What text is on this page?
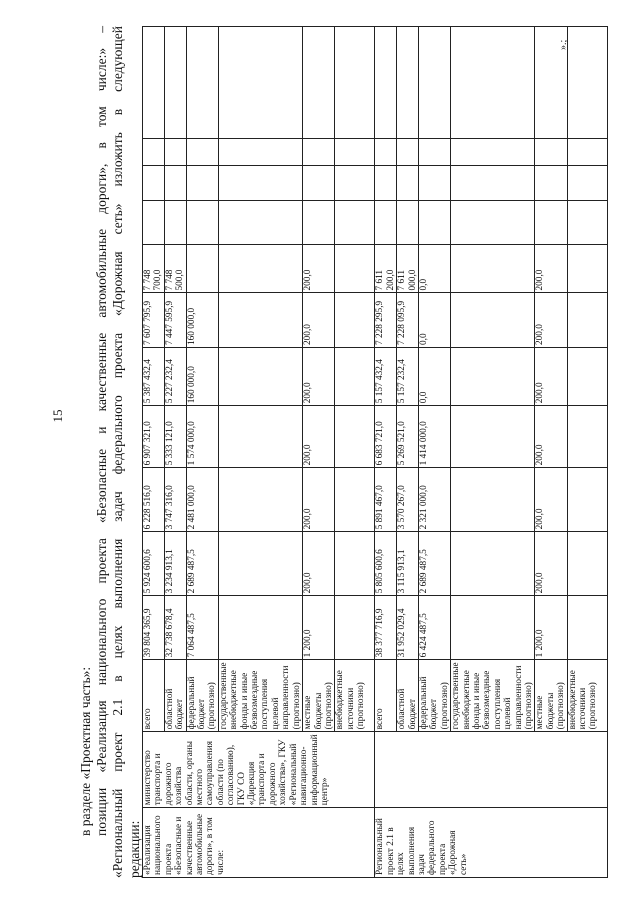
15

в разделе «Проектная часть»: позиции «Реализация национального проекта «Безопасные и качественные автомобильные дороги», в том числе:» – «Региональный проект 2.1 в целях выполнения задач федерального проекта «Дорожная сеть» изложить в следующей редакции: «Реализация национального проекта «Безопасные и качественные автомобильные дороги», в том числе:	министерство транспорта и дорожного хозяйства области, органы местного самоуправления области (по согласованию), ГКУ СО «Дирекция транспорта и дорожного хозяйства», ГКУ «Региональный навигационно-информационный центр»	всего	39 804 365,9	5 924 600,6	6 228 516,0	6 907 321,0	5 387 432,4	7 607 795,9	7 748 700,0				
		областной бюджет	32 738 678,4	3 234 913,1	3 747 316,0	5 333 121,0	5 227 232,4	7 447 595,9	7 748 500,0				
		федеральный бюджет (прогнозно)	7 064 487,5	2 689 487,5	2 481 000,0	1 574 000,0	160 000,0	160 000,0					
		государственные внебюджетные фонды и иные безвозмездные поступления целевой направленности (прогнозно)											
		местные бюджеты (прогнозно)	1 200,0	200,0	200,0	200,0	200,0	200,0	200,0				
		внебюджетные источники (прогнозно)											
Региональный проект 2.1 в целях выполнения задач федерального проекта «Дорожная сеть»		всего	38 377 716,9	5 805 600,6	5 891 467,0	6 683 721,0	5 157 432,4	7 228 295,9	7 611 200,0				
		областной бюджет	31 952 029,4	3 115 913,1	3 570 267,0	5 269 521,0	5 157 232,4	7 228 095,9	7 611 000,0				
		федеральный бюджет (прогнозно)	6 424 487,5	2 689 487,5	2 321 000,0	1 414 000,0	0,0	0,0	0,0				
		государственные внебюджетные фонды и иные безвозмездные поступления целевой направленности (прогнозно)											
		местные бюджеты (прогнозно)	1 200,0	200,0	200,0	200,0	200,0	200,0	200,0				
		внебюджетные источники (прогнозно)											
».;
